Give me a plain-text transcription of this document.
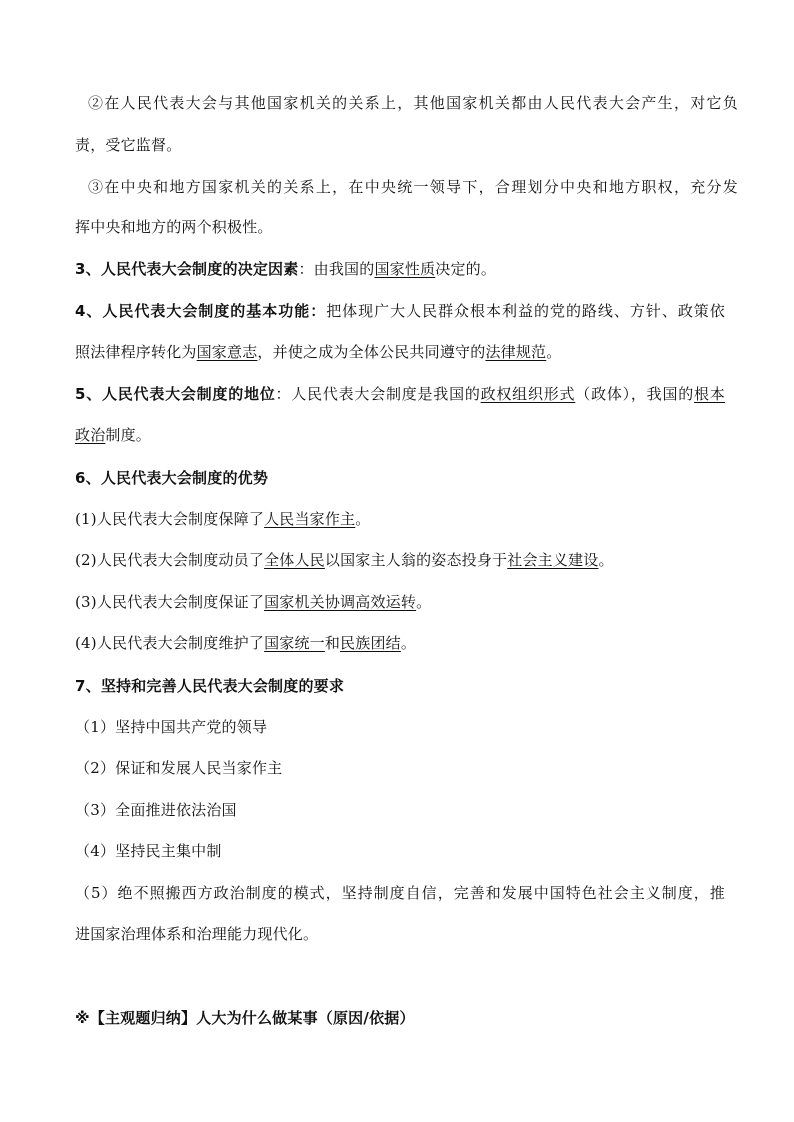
②在人民代表大会与其他国家机关的关系上，其他国家机关都由人民代表大会产生，对它负
责，受它监督。
③在中央和地方国家机关的关系上，在中央统一领导下，合理划分中央和地方职权，充分发
挥中央和地方的两个积极性。
3、人民代表大会制度的决定因素：由我国的国家性质决定的。
4、人民代表大会制度的基本功能：把体现广大人民群众根本利益的党的路线、方针、政策依
照法律程序转化为国家意志，并使之成为全体公民共同遵守的法律规范。
5、人民代表大会制度的地位：人民代表大会制度是我国的政权组织形式（政体），我国的根本
政治制度。
6、人民代表大会制度的优势
(1)人民代表大会制度保障了人民当家作主。
(2)人民代表大会制度动员了全体人民以国家主人翁的姿态投身于社会主义建设。
(3)人民代表大会制度保证了国家机关协调高效运转。
(4)人民代表大会制度维护了国家统一和民族团结。
7、坚持和完善人民代表大会制度的要求
（1）坚持中国共产党的领导
（2）保证和发展人民当家作主
（3）全面推进依法治国
（4）坚持民主集中制
（5）绝不照搬西方政治制度的模式，坚持制度自信，完善和发展中国特色社会主义制度，推
进国家治理体系和治理能力现代化。
※【主观题归纳】人大为什么做某事（原因/依据）
